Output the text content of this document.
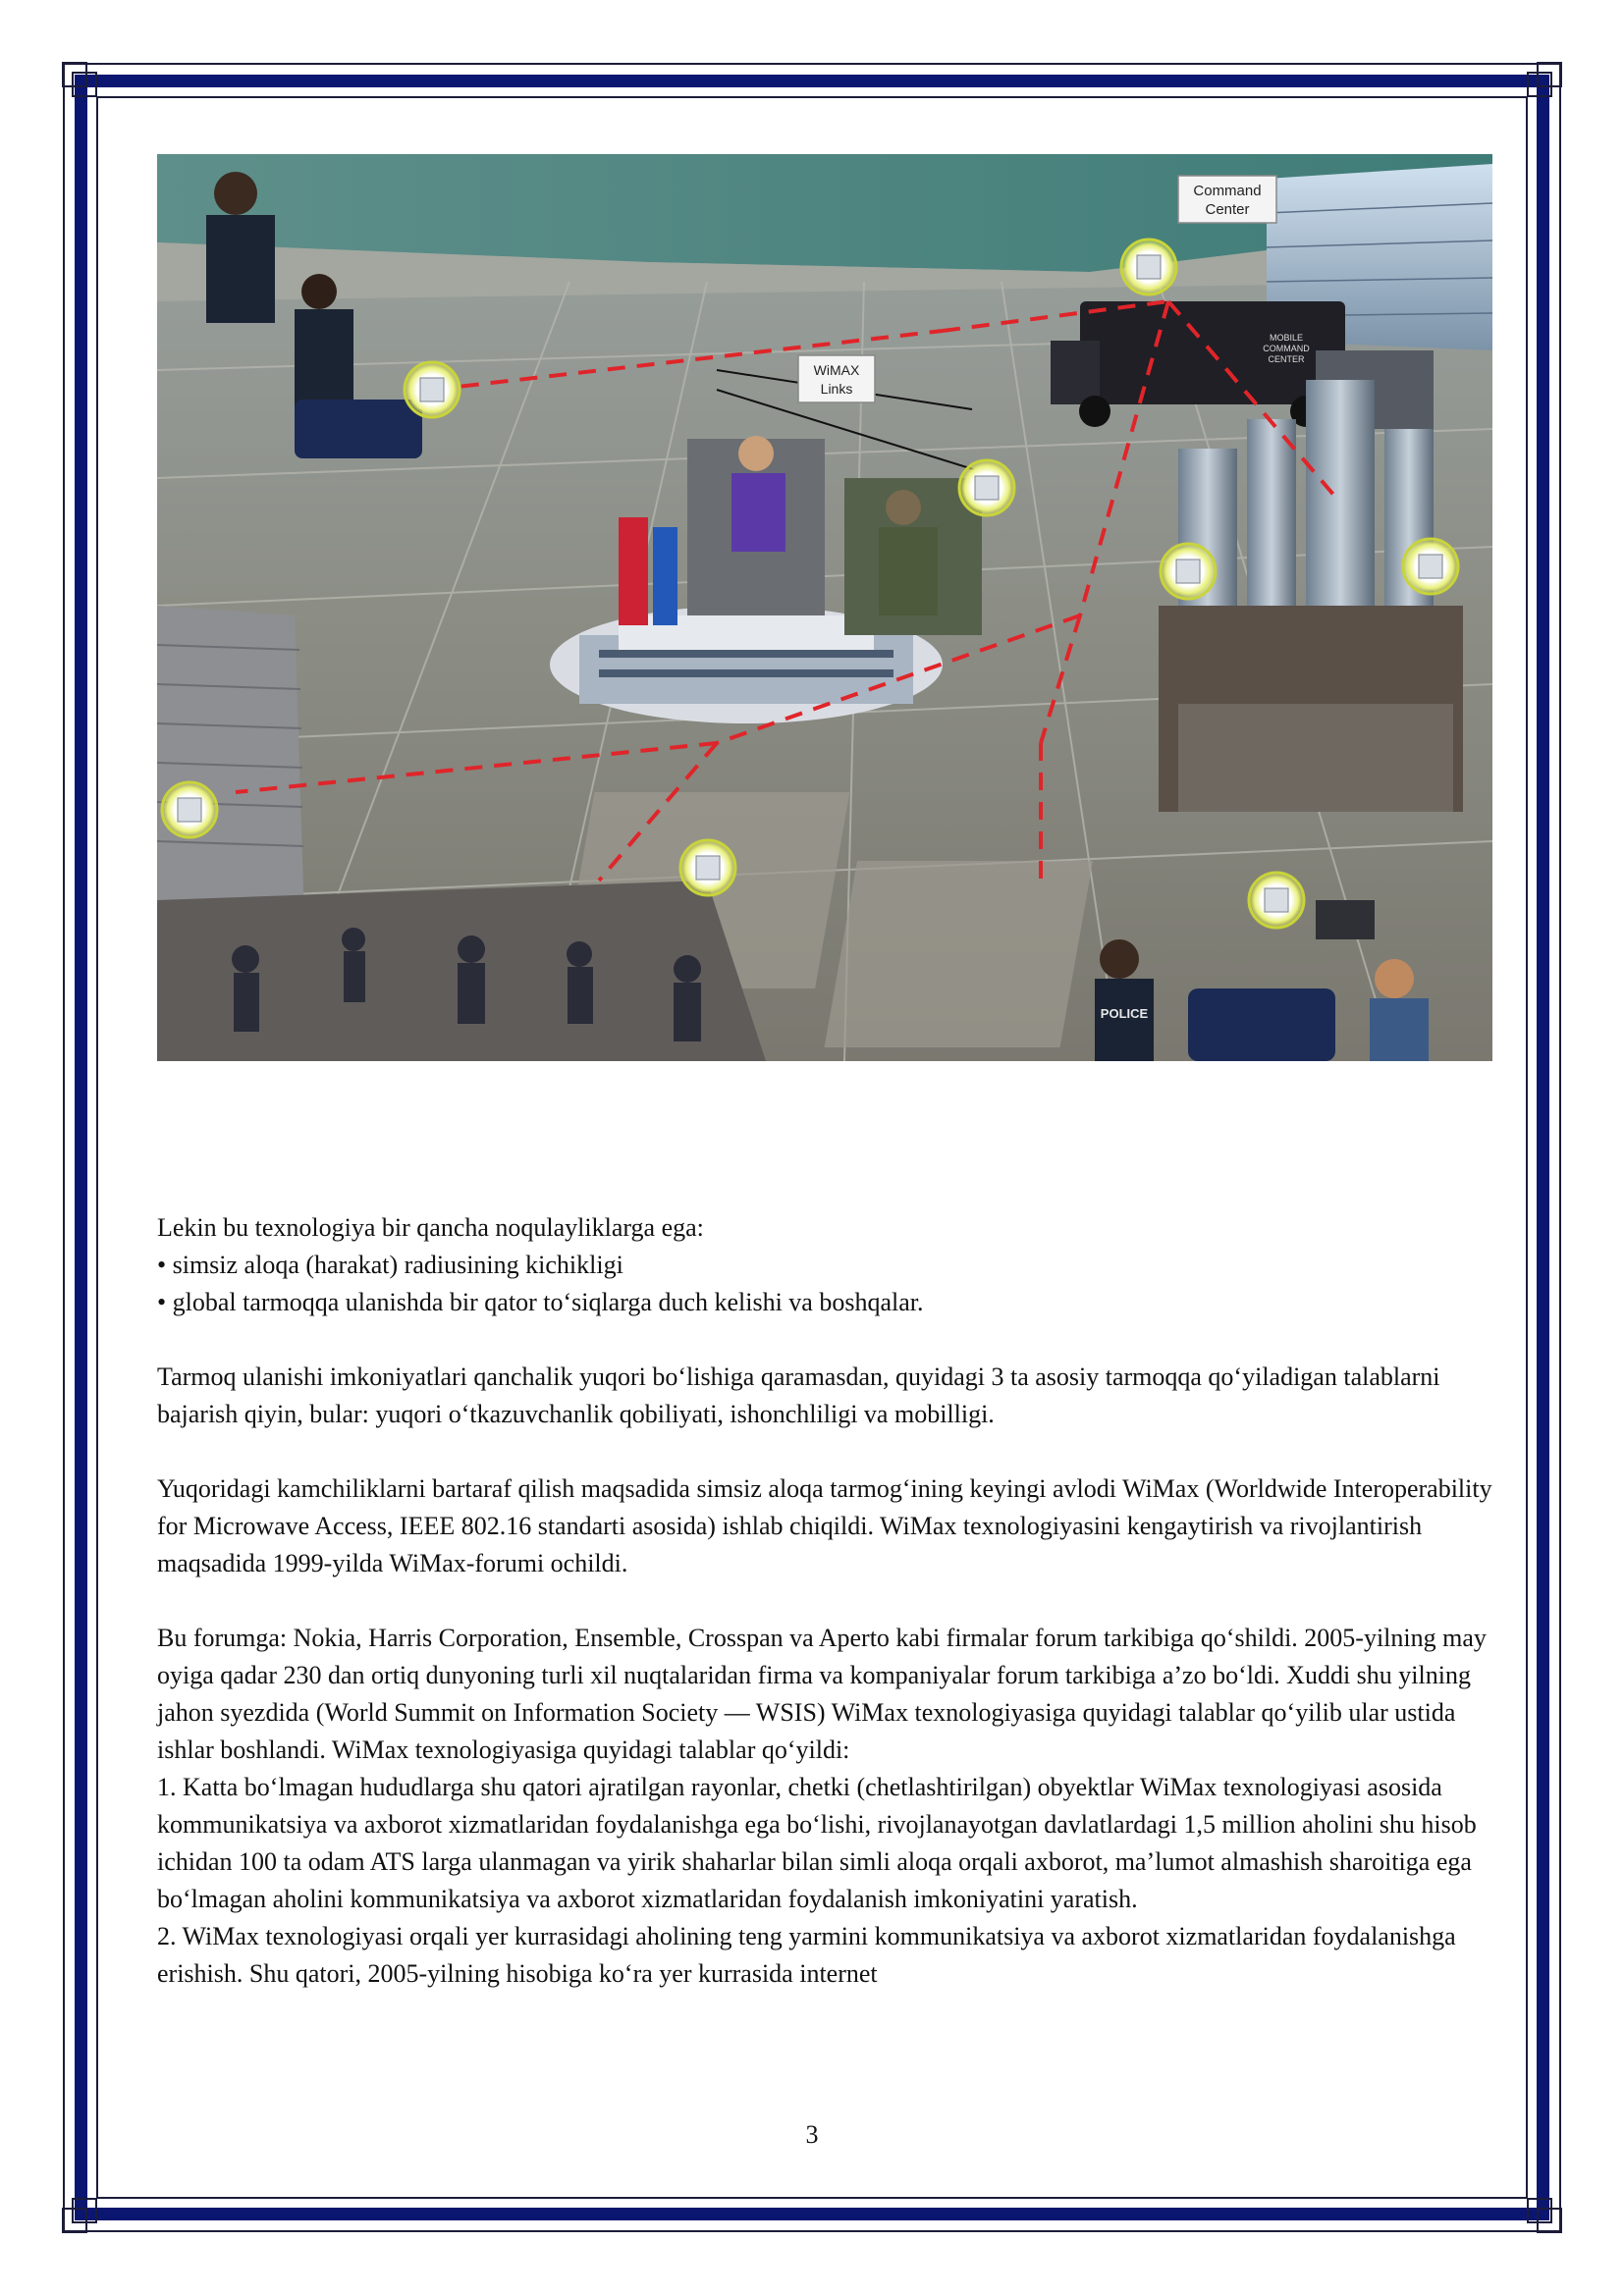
Command
Center
WiMAX
Links
MOBILE
COMMAND
CENTER
POLICE

Lekin bu texnologiya bir qancha noqulayliklarga ega:

• simsiz aloqa (harakat) radiusining kichikligi
• global tarmoqqa ulanishda bir qator to‘siqlarga duch kelishi va boshqalar.

Tarmoq ulanishi imkoniyatlari qanchalik yuqori bo‘lishiga qaramasdan, quyidagi 3 ta asosiy tarmoqqa qo‘yiladigan talablarni bajarish qiyin, bular: yuqori o‘tkazuvchanlik qobiliyati, ishonchliligi va mobilligi.

Yuqoridagi kamchiliklarni bartaraf qilish maqsadida simsiz aloqa tarmog‘ining keyingi avlodi WiMax (Worldwide Interoperability for Microwave Access, IEEE 802.16 standarti asosida) ishlab chiqildi. WiMax texnologiyasini kengaytirish va rivojlantirish maqsadida 1999-yilda WiMax-forumi ochildi.

Bu forumga: Nokia, Harris Corporation, Ensemble, Crosspan va Aperto kabi firmalar forum tarkibiga qo‘shildi. 2005-yilning may oyiga qadar 230 dan ortiq dunyoning turli xil nuqtalaridan firma va kompaniyalar forum tarkibiga a’zo bo‘ldi. Xuddi shu yilning jahon syezdida (World Summit on Information Society — WSIS) WiMax texnologiyasiga quyidagi talablar qo‘yilib ular ustida ishlar boshlandi. WiMax texnologiyasiga quyidagi talablar qo‘yildi:

1. Katta bo‘lmagan hududlarga shu qatori ajratilgan rayonlar, chetki (chetlashtirilgan) obyektlar WiMax texnologiyasi asosida kommunikatsiya va axborot xizmatlaridan foydalanishga ega bo‘lishi, rivojlanayotgan davlatlardagi 1,5 million aholini shu hisob ichidan 100 ta odam ATS larga ulanmagan va yirik shaharlar bilan simli aloqa orqali axborot, ma’lumot almashish sharoitiga ega bo‘lmagan aholini kommunikatsiya va axborot xizmatlaridan foydalanish imkoniyatini yaratish.

2. WiMax texnologiyasi orqali yer kurrasidagi aholining teng yarmini kommunikatsiya va axborot xizmatlaridan foydalanishga erishish. Shu qatori, 2005-yilning hisobiga ko‘ra yer kurrasida internet

3
